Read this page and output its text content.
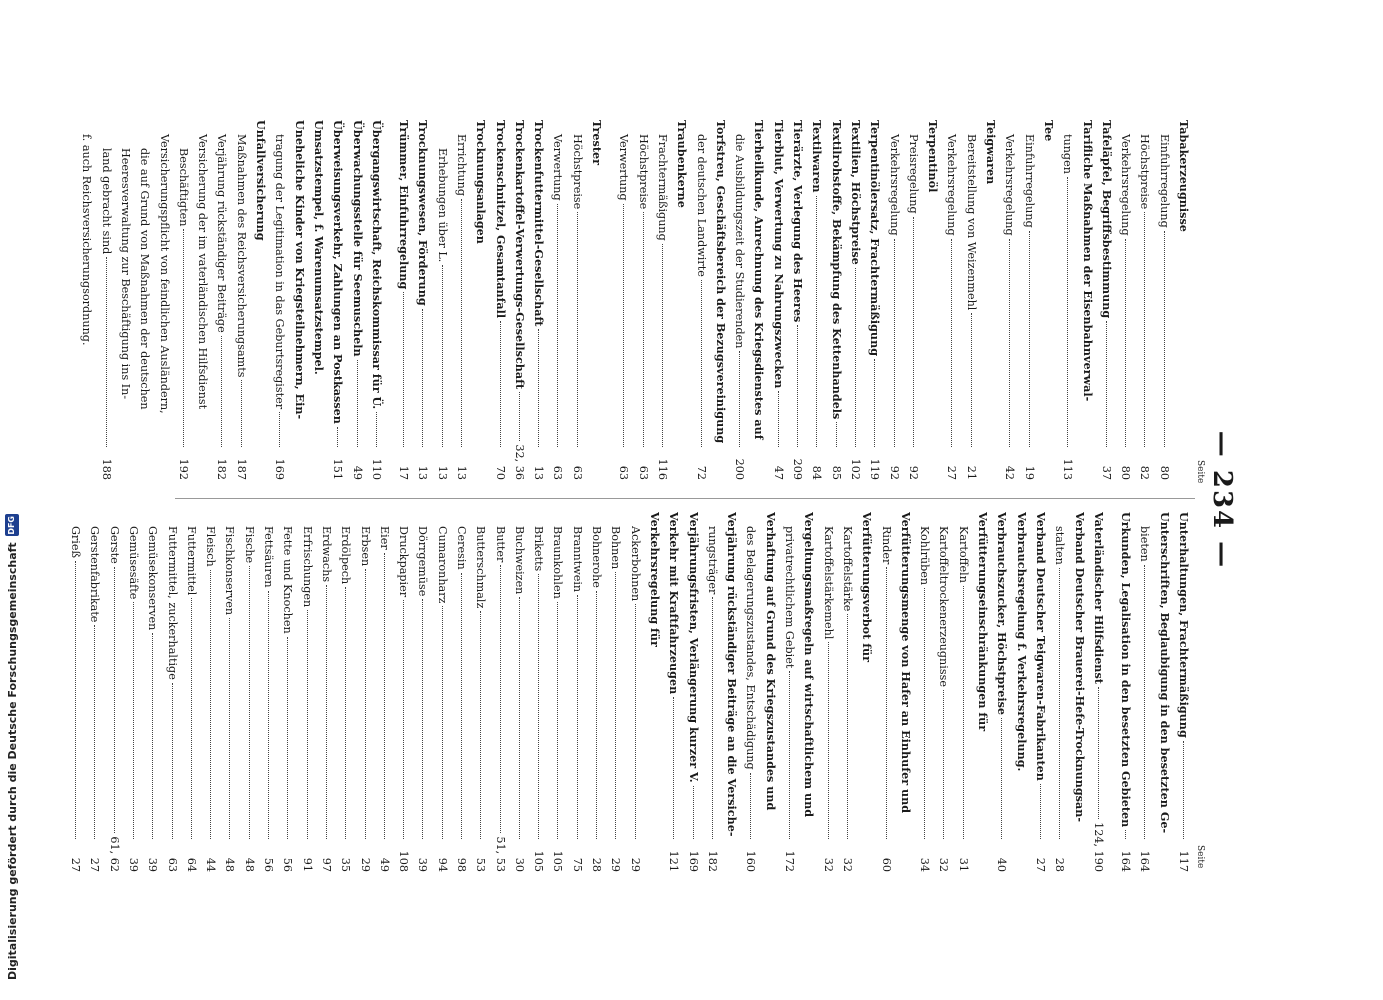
— 234 —
Seite
Seite
Tabakerzeugnisse
Einfuhrregelung
80
Höchstpreise
82
Verkehrsregelung
80
Tafeläpfel, Begriffsbestimmung
37
Tarifliche Maßnahmen der Eisenbahnverwal-
tungen
113
Tee
Einfuhrregelung
19
Verkehrsregelung
42
Teigwaren
Bereitstellung von Weizenmehl
21
Verkehrsregelung
27
Terpentinöl
Preisregelung
92
Verkehrsregelung
92
Terpentinölersatz, Frachtermäßigung
119
Textilien, Höchstpreise
102
Textilrohstoffe, Bekämpfung des Kettenhandels
85
Textilwaren
84
Tierärzte, Verlegung des Heeres
209
Tierblut, Verwertung zu Nahrungszwecken
47
Tierheilkunde, Anrechnung des Kriegsdienstes auf
die Ausbildungszeit der Studierenden
200
Torfstreu, Geschäftsbereich der Bezugsvereinigung
der deutschen Landwirte
72
Traubenkerne
Frachtermäßigung
116
Höchstpreise
63
Verwertung
63
Trester
Höchstpreise
63
Verwertung
63
Trockenfuttermittel-Gesellschaft
13
Trockenkartoffel-Verwertungs-Gesellschaft
32, 36
Trockenschnitzel, Gesamtanfall
70
Trocknungsanlagen
Errichtung
13
Erhebungen über L.
13
Trocknungswesen, Förderung
13
Trümmer, Einfuhrregelung
17
Übergangswirtschaft, Reichskommissar für Ü.
110
Überwachungsstelle für Seemuscheln
49
Überweisungsverkehr, Zahlungen an Postkassen
151
Umsatzstempel, f. Warenumsatzstempel.
Uneheliche Kinder von Kriegsteilnehmern, Ein-
tragung der Legitimation in das Geburtsregister
169
Unfallversicherung
Maßnahmen des Reichsversicherungsamts
187
Verjährung rückständiger Beiträge
182
Versicherung der im vaterländischen Hilfsdienst
Beschäftigten
192
Versicherungspflicht von feindlichen Ausländern,
die auf Grund von Maßnahmen der deutschen
Heeresverwaltung zur Beschäftigung ins In-
land gebracht sind
188
f. auch Reichsversicherungsordnung.
Unterhaltungen, Frachtermäßigung
117
Unterschriften, Beglaubigung in den besetzten Ge-
bieten
164
Urkunden, Legalisation in den besetzten Gebieten
164
Vaterländischer Hilfsdienst
124, 190
Verband Deutscher Brauerei-Hefe-Trocknungsan-
stalten
28
Verband Deutscher Teigwaren-Fabrikanten
27
Verbrauchsregelung f. Verkehrsregelung.
Verbrauchszucker, Höchstpreise
40
Verfütterungseinschränkungen für
Kartoffeln
31
Kartoffeltrockenerzeugnisse
32
Kohlrüben
34
Verfütterungsmenge von Hafer an Einhufer und
Rinder
60
Verfütterungsverbot für
Kartoffelstärke
32
Kartoffelstärkemehl
32
Vergeltungsmaßregeln auf wirtschaftlichem und
privatrechtlichem Gebiet
172
Verhaftung auf Grund des Kriegszustandes und
des Belagerungszustandes, Entschädigung
160
Verjährung rückständiger Beiträge an die Versiche-
rungsträger
182
Verjährungsfristen, Verlängerung kurzer V.
169
Verkehr mit Kraftfahrzeugen
121
Verkehrsregelung für
Ackerbohnen
29
Bohnen
29
Bohnerohe
28
Branntwein
75
Braunkohlen
105
Briketts
105
Buchweizen
30
Butter
51, 53
Butterschmalz
53
Ceresin
98
Cumaronharz
94
Dörrgemüse
39
Druckpapier
108
Eier
49
Erbsen
29
Erdölpech
35
Erdwachs
97
Erfrischungen
91
Fette und Knochen
56
Fettsäuren
56
Fische
48
Fischkonserven
48
Fleisch
44
Futtermittel
64
Futtermittel, zuckerhaltige
63
Gemüsekonserven
39
Gemüsesäfte
39
Gerste
61, 62
Gerstenfabrikate
27
Grieß
27
Digitalisierung gefördert durch die Deutsche Forschungsgemeinschaft
DFG
